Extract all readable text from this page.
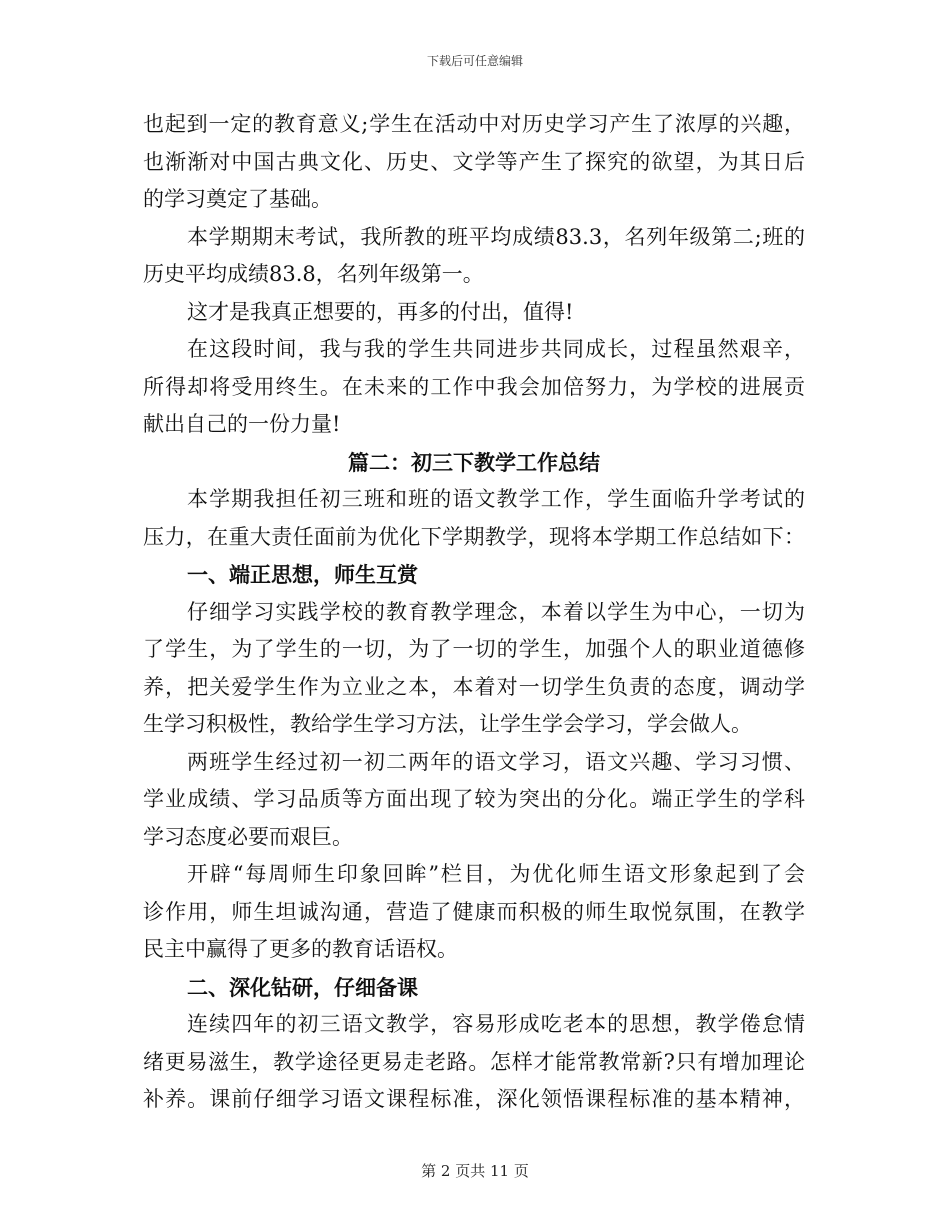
下载后可任意编辑
也起到一定的教育意义;学生在活动中对历史学习产生了浓厚的兴趣，
也渐渐对中国古典文化、历史、文学等产生了探究的欲望，为其日后
的学习奠定了基础。
本学期期末考试，我所教的班平均成绩83.3，名列年级第二;班的
历史平均成绩83.8，名列年级第一。
这才是我真正想要的，再多的付出，值得!
在这段时间，我与我的学生共同进步共同成长，过程虽然艰辛，
所得却将受用终生。在未来的工作中我会加倍努力，为学校的进展贡
献出自己的一份力量!
篇二：初三下教学工作总结
本学期我担任初三班和班的语文教学工作，学生面临升学考试的
压力，在重大责任面前为优化下学期教学，现将本学期工作总结如下：
一、端正思想，师生互赏
仔细学习实践学校的教育教学理念，本着以学生为中心，一切为
了学生，为了学生的一切，为了一切的学生，加强个人的职业道德修
养，把关爱学生作为立业之本，本着对一切学生负责的态度，调动学
生学习积极性，教给学生学习方法，让学生学会学习，学会做人。
两班学生经过初一初二两年的语文学习，语文兴趣、学习习惯、
学业成绩、学习品质等方面出现了较为突出的分化。端正学生的学科
学习态度必要而艰巨。
开辟“每周师生印象回眸”栏目，为优化师生语文形象起到了会
诊作用，师生坦诚沟通，营造了健康而积极的师生取悦氛围，在教学
民主中赢得了更多的教育话语权。
二、深化钻研，仔细备课
连续四年的初三语文教学，容易形成吃老本的思想，教学倦怠情
绪更易滋生，教学途径更易走老路。怎样才能常教常新?只有增加理论
补养。课前仔细学习语文课程标准，深化领悟课程标准的基本精神，
第 2 页共 11 页
